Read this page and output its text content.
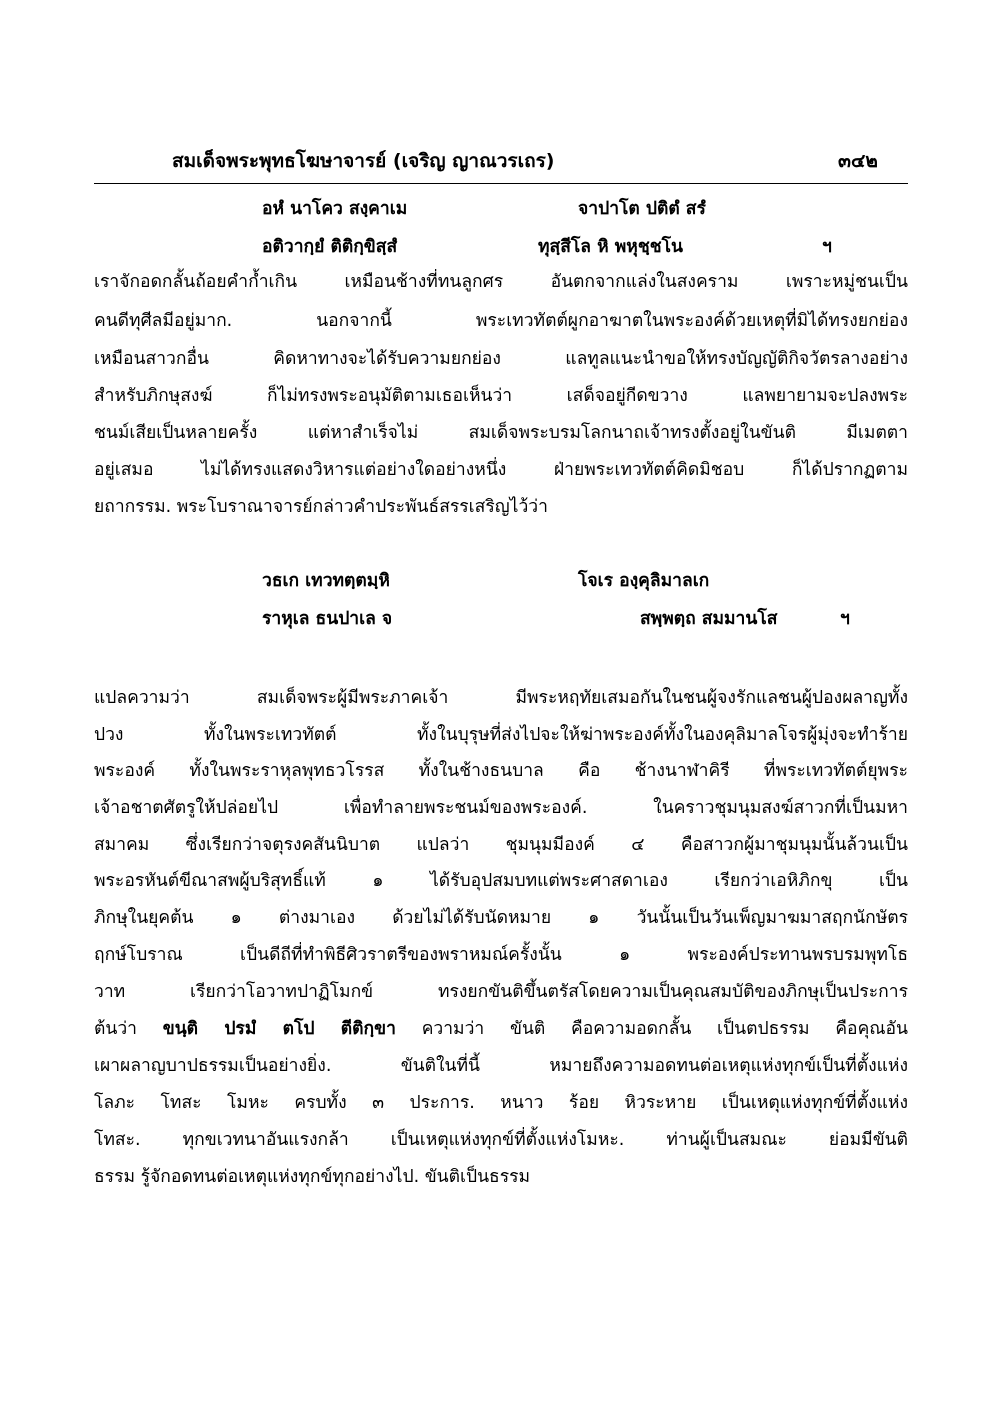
สมเด็จพระพุทธโฆษาจารย์ (เจริญ ญาณวรเถร)	๓๔๒
อหํ นาโคว สงฺคาเม	จาปาโต ปติตํ สรํ
อติวากฺยํ ติติกฺขิสฺสํ	ทุสฺสีโล หิ พหุชฺชโน	ฯ
เราจักอดกลั้นถ้อยคำก้ำเกิน เหมือนช้างที่ทนลูกศร อันตกจากแล่งในสงคราม เพราะหมู่ชนเป็น
คนดีทุศีลมีอยู่มาก. นอกจากนี้ พระเทวทัตต์ผูกอาฆาตในพระองค์ด้วยเหตุที่มิได้ทรงยกย่อง
เหมือนสาวกอื่น คิดหาทางจะได้รับความยกย่อง แลทูลแนะนำขอให้ทรงบัญญัติกิจวัตรลางอย่าง
สำหรับภิกษุสงฆ์ ก็ไม่ทรงพระอนุมัติตามเธอเห็นว่า เสด็จอยู่กีดขวาง แลพยายามจะปลงพระ
ชนม์เสียเป็นหลายครั้ง แต่หาสำเร็จไม่ สมเด็จพระบรมโลกนาถเจ้าทรงตั้งอยู่ในขันติ มีเมตตา
อยู่เสมอ ไม่ได้ทรงแสดงวิหารแต่อย่างใดอย่างหนึ่ง ฝ่ายพระเทวทัตต์คิดมิชอบ ก็ได้ปรากฏตาม
ยถากรรม. พระโบราณาจารย์กล่าวคำประพันธ์สรรเสริญไว้ว่า
วธเก เทวทตฺตมฺหิ	โจเร องฺคุลิมาลเก
ราหุเล ธนปาเล จ	สพฺพตฺถ สมมานโส	ฯ
แปลความว่า สมเด็จพระผู้มีพระภาคเจ้า มีพระหฤทัยเสมอกันในชนผู้จงรักแลชนผู้ปองผลาญทั้ง
ปวง ทั้งในพระเทวทัตต์ ทั้งในบุรุษที่ส่งไปจะให้ฆ่าพระองค์ทั้งในองคุลิมาลโจรผู้มุ่งจะทำร้าย
พระองค์ ทั้งในพระราหุลพุทธวโรรส ทั้งในช้างธนบาล คือ ช้างนาฬาคิรี ที่พระเทวทัตต์ยุพระ
เจ้าอชาตศัตรูให้ปล่อยไป เพื่อทำลายพระชนม์ของพระองค์. ในคราวชุมนุมสงฆ์สาวกที่เป็นมหา
สมาคม ซึ่งเรียกว่าจตุรงคสันนิบาต แปลว่า ชุมนุมมีองค์ ๔ คือสาวกผู้มาชุมนุมนั้นล้วนเป็น
พระอรหันต์ขีณาสพผู้บริสุทธิ์แท้ ๑ ได้รับอุปสมบทแต่พระศาสดาเอง เรียกว่าเอหิภิกขุ เป็น
ภิกษุในยุคต้น ๑ ต่างมาเอง ด้วยไม่ได้รับนัดหมาย ๑ วันนั้นเป็นวันเพ็ญมาฆมาสฤกนักษัตร
ฤกษ์โบราณ เป็นดีถีที่ทำพิธีศิวราตรีของพราหมณ์ครั้งนั้น ๑ พระองค์ประทานพรบรมพุทโธ
วาท เรียกว่าโอวาทปาฏิโมกข์ ทรงยกขันติขึ้นตรัสโดยความเป็นคุณสมบัติของภิกษุเป็นประการ
ต้นว่า ขนฺติ ปรมํ ตโป ตีติกฺขา ความว่า ขันติ คือความอดกลั้น เป็นตปธรรม คือคุณอัน
เผาผลาญบาปธรรมเป็นอย่างยิ่ง. ขันติในที่นี้ หมายถึงความอดทนต่อเหตุแห่งทุกข์เป็นที่ตั้งแห่ง
โลภะ โทสะ โมหะ ครบทั้ง ๓ ประการ. หนาว ร้อย หิวระหาย เป็นเหตุแห่งทุกข์ที่ตั้งแห่ง
โทสะ. ทุกขเวทนาอันแรงกล้า เป็นเหตุแห่งทุกข์ที่ตั้งแห่งโมหะ. ท่านผู้เป็นสมณะ ย่อมมีขันติ
ธรรม รู้จักอดทนต่อเหตุแห่งทุกข์ทุกอย่างไป. ขันติเป็นธรรม
